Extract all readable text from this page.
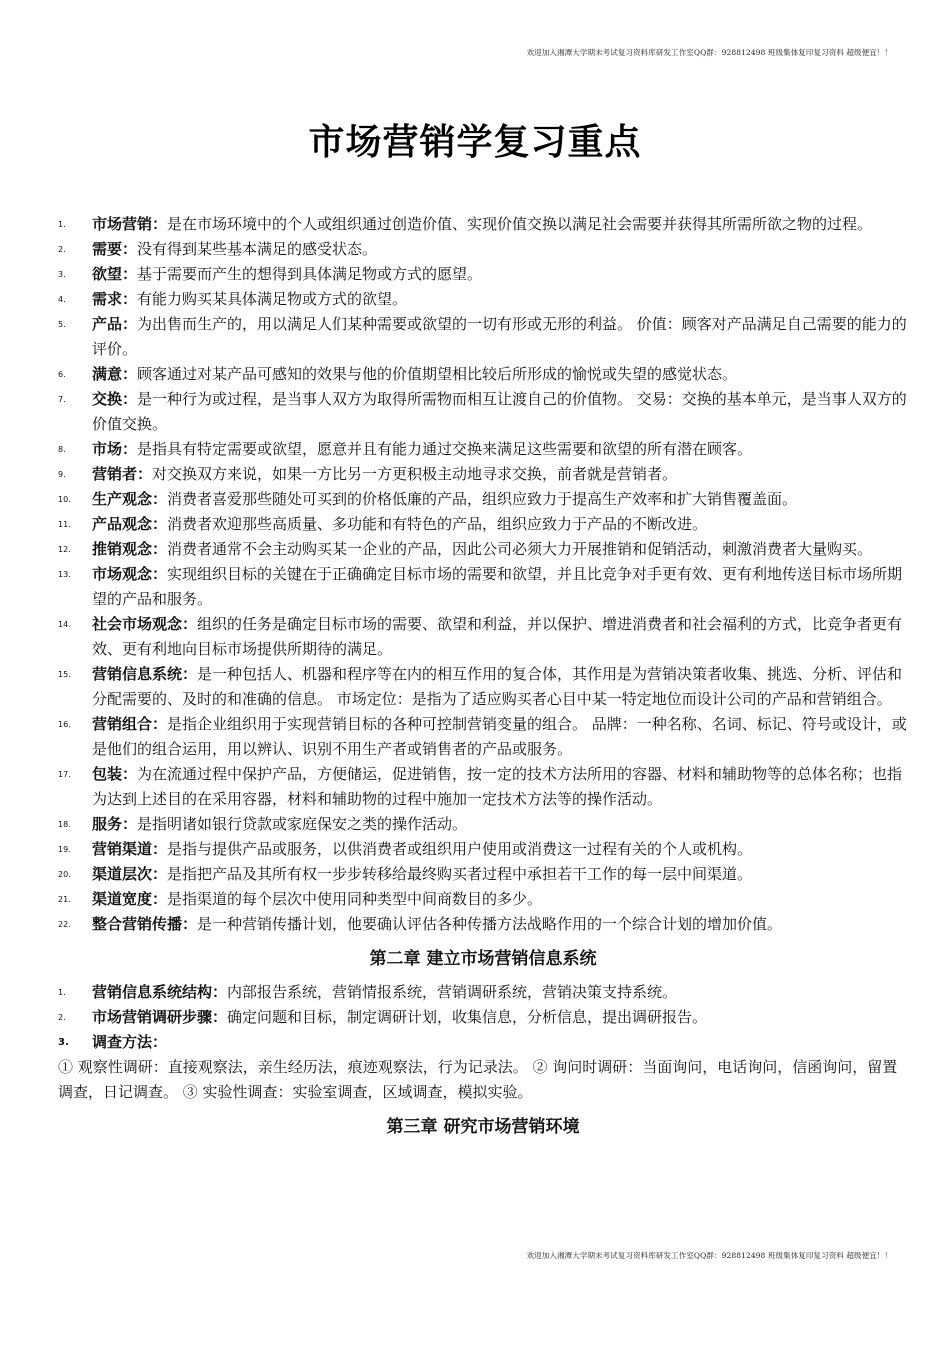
欢迎加入湘潭大学期末考试复习资料库研发工作室QQ群：928812498 班级集体复印复习资料 超级便宜！！
市场营销学复习重点
1.	市场营销：是在市场环境中的个人或组织通过创造价值、实现价值交换以满足社会需要并获得其所需所欲之物的过程。
2.	需要：没有得到某些基本满足的感受状态。
3.	欲望：基于需要而产生的想得到具体满足物或方式的愿望。
4.	需求：有能力购买某具体满足物或方式的欲望。
5.	产品：为出售而生产的，用以满足人们某种需要或欲望的一切有形或无形的利益。 价值：顾客对产品满足自己需要的能力的评价。
6.	满意：顾客通过对某产品可感知的效果与他的价值期望相比较后所形成的愉悦或失望的感觉状态。
7.	交换：是一种行为或过程，是当事人双方为取得所需物而相互让渡自己的价值物。 交易：交换的基本单元，是当事人双方的价值交换。
8.	市场：是指具有特定需要或欲望，愿意并且有能力通过交换来满足这些需要和欲望的所有潜在顾客。
9.	营销者：对交换双方来说，如果一方比另一方更积极主动地寻求交换，前者就是营销者。
10.	生产观念：消费者喜爱那些随处可买到的价格低廉的产品，组织应致力于提高生产效率和扩大销售覆盖面。
11.	产品观念：消费者欢迎那些高质量、多功能和有特色的产品，组织应致力于产品的不断改进。
12.	推销观念：消费者通常不会主动购买某一企业的产品，因此公司必须大力开展推销和促销活动，刺激消费者大量购买。
13.	市场观念：实现组织目标的关键在于正确确定目标市场的需要和欲望，并且比竞争对手更有效、更有利地传送目标市场所期望的产品和服务。
14.	社会市场观念：组织的任务是确定目标市场的需要、欲望和利益，并以保护、增进消费者和社会福利的方式，比竞争者更有效、更有利地向目标市场提供所期待的满足。
15.	营销信息系统：是一种包括人、机器和程序等在内的相互作用的复合体，其作用是为营销决策者收集、挑选、分析、评估和分配需要的、及时的和准确的信息。 市场定位：是指为了适应购买者心目中某一特定地位而设计公司的产品和营销组合。
16.	营销组合：是指企业组织用于实现营销目标的各种可控制营销变量的组合。 品牌：一种名称、名词、标记、符号或设计，或是他们的组合运用，用以辨认、识别不用生产者或销售者的产品或服务。
17.	包装：为在流通过程中保护产品，方便储运，促进销售，按一定的技术方法所用的容器、材料和辅助物等的总体名称；也指为达到上述目的在采用容器，材料和辅助物的过程中施加一定技术方法等的操作活动。
18.	服务：是指明诸如银行贷款或家庭保安之类的操作活动。
19.	营销渠道：是指与提供产品或服务，以供消费者或组织用户使用或消费这一过程有关的个人或机构。
20.	渠道层次：是指把产品及其所有权一步步转移给最终购买者过程中承担若干工作的每一层中间渠道。
21.	渠道宽度：是指渠道的每个层次中使用同种类型中间商数目的多少。
22.	整合营销传播：是一种营销传播计划，他要确认评估各种传播方法战略作用的一个综合计划的增加价值。
第二章 建立市场营销信息系统
1.	营销信息系统结构：内部报告系统，营销情报系统，营销调研系统，营销决策支持系统。
2.	市场营销调研步骤：确定问题和目标，制定调研计划，收集信息，分析信息，提出调研报告。
3.	调查方法：
① 观察性调研：直接观察法，亲生经历法，痕迹观察法，行为记录法。 ② 询问时调研：当面询问，电话询问，信函询问，留置调查，日记调查。 ③ 实验性调查：实验室调查，区域调查，模拟实验。
第三章 研究市场营销环境
欢迎加入湘潭大学期末考试复习资料库研发工作室QQ群：928812498 班级集体复印复习资料 超级便宜！！
